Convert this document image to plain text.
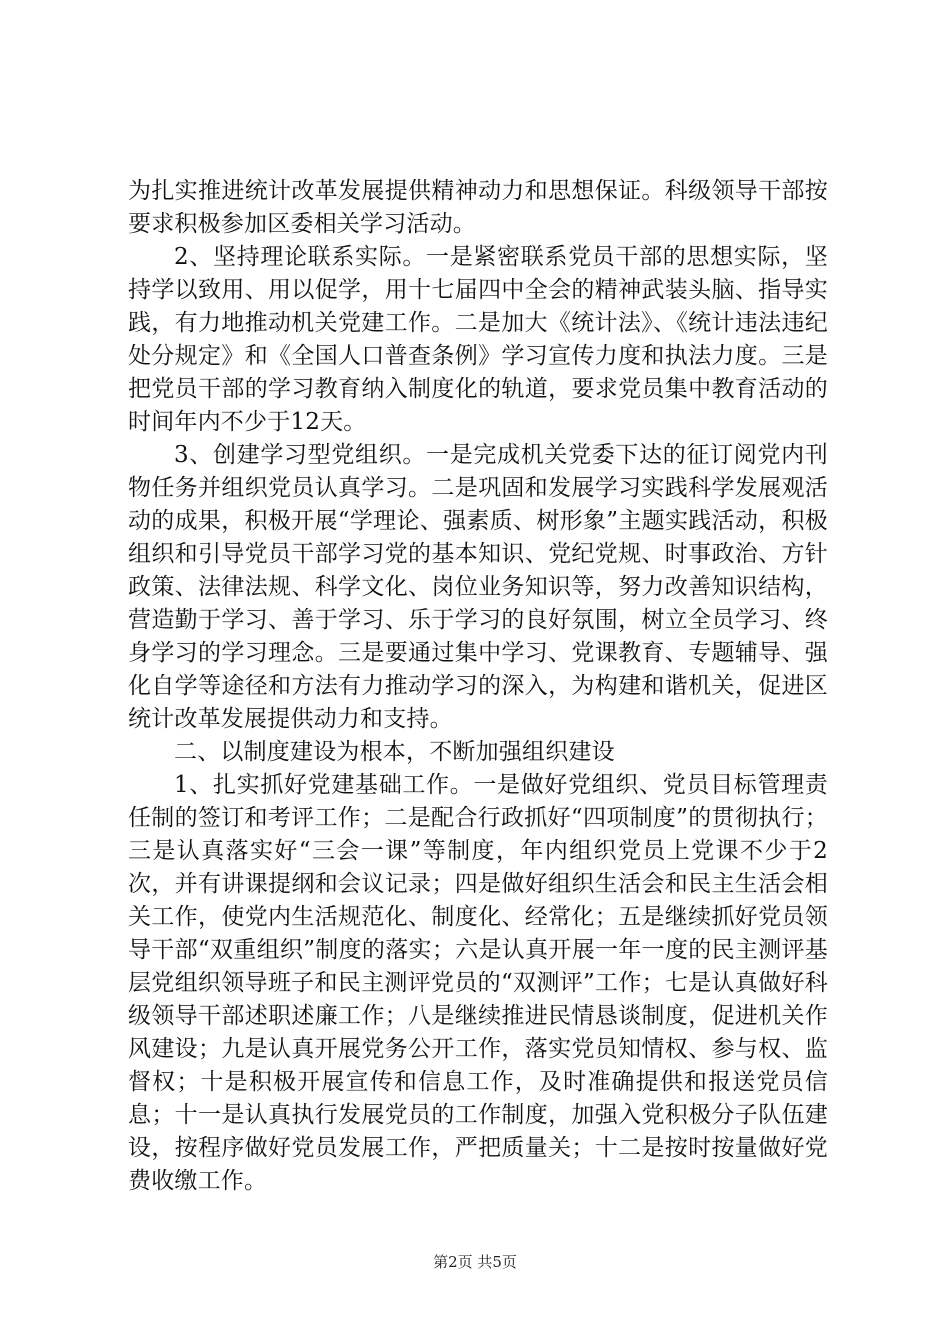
为扎实推进统计改革发展提供精神动力和思想保证。科级领导干部按要求积极参加区委相关学习活动。

2、坚持理论联系实际。一是紧密联系党员干部的思想实际，坚持学以致用、用以促学，用十七届四中全会的精神武装头脑、指导实践，有力地推动机关党建工作。二是加大《统计法》、《统计违法违纪处分规定》和《全国人口普查条例》学习宣传力度和执法力度。三是把党员干部的学习教育纳入制度化的轨道，要求党员集中教育活动的时间年内不少于12天。

3、创建学习型党组织。一是完成机关党委下达的征订阅党内刊物任务并组织党员认真学习。二是巩固和发展学习实践科学发展观活动的成果，积极开展“学理论、强素质、树形象”主题实践活动，积极组织和引导党员干部学习党的基本知识、党纪党规、时事政治、方针政策、法律法规、科学文化、岗位业务知识等，努力改善知识结构，营造勤于学习、善于学习、乐于学习的良好氛围，树立全员学习、终身学习的学习理念。三是要通过集中学习、党课教育、专题辅导、强化自学等途径和方法有力推动学习的深入，为构建和谐机关，促进区统计改革发展提供动力和支持。

二、以制度建设为根本，不断加强组织建设

1、扎实抓好党建基础工作。一是做好党组织、党员目标管理责任制的签订和考评工作；二是配合行政抓好“四项制度”的贯彻执行；三是认真落实好“三会一课”等制度，年内组织党员上党课不少于2次，并有讲课提纲和会议记录；四是做好组织生活会和民主生活会相关工作，使党内生活规范化、制度化、经常化；五是继续抓好党员领导干部“双重组织”制度的落实；六是认真开展一年一度的民主测评基层党组织领导班子和民主测评党员的“双测评”工作；七是认真做好科级领导干部述职述廉工作；八是继续推进民情恳谈制度，促进机关作风建设；九是认真开展党务公开工作，落实党员知情权、参与权、监督权；十是积极开展宣传和信息工作，及时准确提供和报送党员信息；十一是认真执行发展党员的工作制度，加强入党积极分子队伍建设，按程序做好党员发展工作，严把质量关；十二是按时按量做好党费收缴工作。

第2页 共5页
